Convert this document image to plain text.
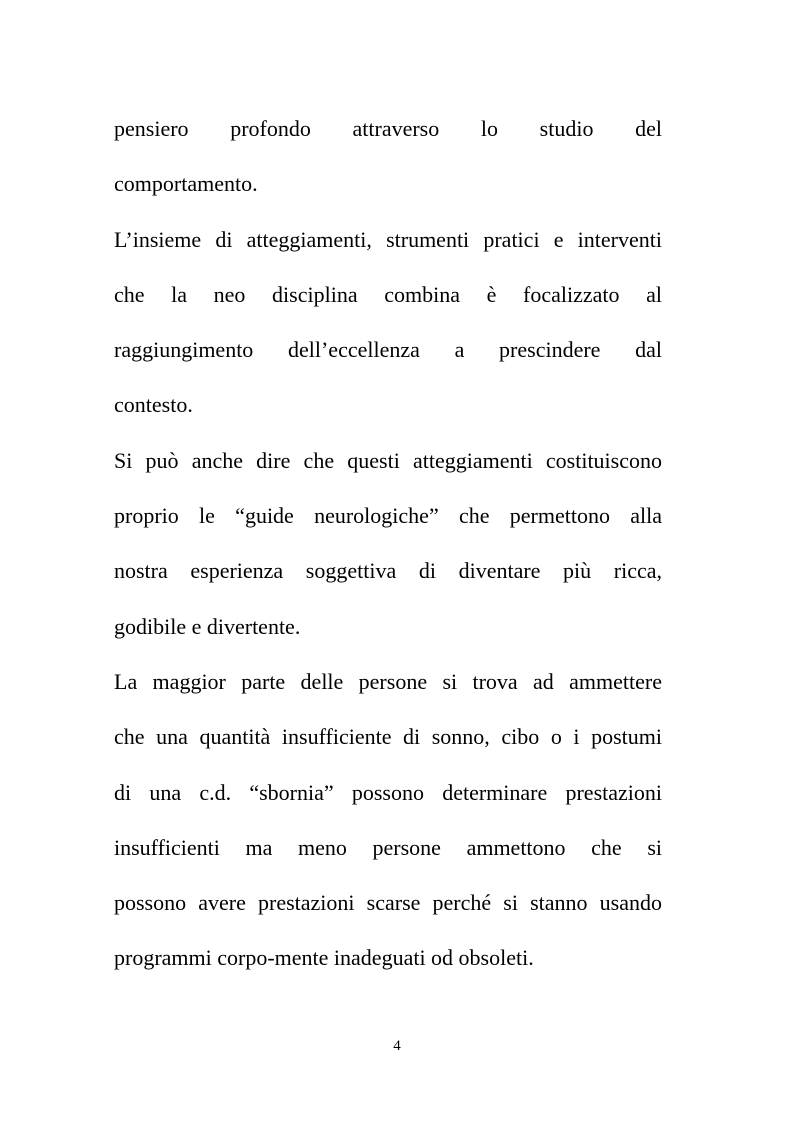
pensiero profondo attraverso lo studio del
comportamento.
L’insieme di atteggiamenti, strumenti pratici e interventi
che la neo disciplina combina è focalizzato al
raggiungimento dell’eccellenza a prescindere dal
contesto.
Si può anche dire che questi atteggiamenti costituiscono
proprio le “guide neurologiche” che permettono alla
nostra esperienza soggettiva di diventare più ricca,
godibile e divertente.
La maggior parte delle persone si trova ad ammettere
che una quantità insufficiente di sonno, cibo o i postumi
di una c.d. “sbornia” possono determinare prestazioni
insufficienti ma meno persone ammettono che si
possono avere prestazioni scarse perché si stanno usando
programmi corpo-mente inadeguati od obsoleti.
4
